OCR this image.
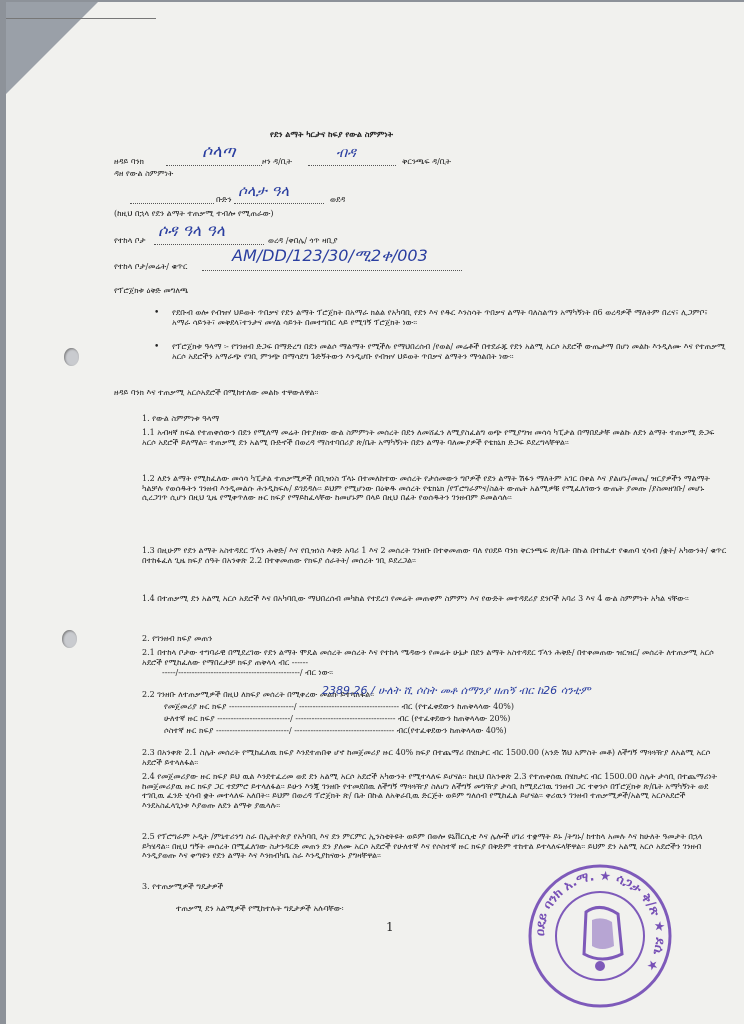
የደን ልማት ካርታና ከፍያ የውል ስምምነት
ዘዳይ ባንክ	ሶላጣ	ዞን ዳ/ቢት
ብዳ
ቅርንጫፍ ዳ/ቢት
ዳዘ የውል ስምምነት
ቡድን ሶላታ ዓላ	ወደዳ
(ከዚህ በኋላ የደን ልማት ተጠቃሚ ተብሎ የሚጠራው)
የተከላ ቦታ
ሶዳ ዓላ ዓላ
ወረዳ /ቀበሌ/ ጎጥ ዛቢያ
የተከላ ቦታ/መሬት/ ቁጥር
AM/DD/123/30/ሚ2ቀ/003
የፕሮጀክቱ ዕቅድ መግለጫ
• የደቡብ ወሎ የብዝሃ ህይወት ጥበቃና የደን ልማት ፕሮጀክት በአማራ ክልል የአካባቢ የደን እና የዱር እንስሳት ጥበቃና ልማት ባለስልጣን አማካኝነት በ6 ወረዳዎች ማለትም በረና፣ ሊጋምቦ፣ አማራ ሳይንት፣ መቅደላ፣ተንታና መሃል ሳይንት በመተግበር ላይ የሚገኝ ፕሮጀክት ነው፡፡
• የፕሮጀክቱ ዓላማ ፡- የገንዘብ ድጋፍ በማድረግ በደን መልሶ ማልማት የሚችሉ የማህበረሰብ /የወል/ መሬቶች በተደራጁ የደን አልሚ አርሶ አደሮች ውጤታማ በሆነ መልኩ እንዲለሙ እና የተጠቃሚ አርሶ አደሮችን አማራጭ የገቢ ምንጭ በማሳደግ ጉድኝትውን እንዲሆቡ የብዝሃ ህይወት ጥበቃና ልማትን ማጎልበት ነው፡፡
ዘዳይ ባንክ እና ተጠቃሚ አርሶአደሮች በሚከተለው መልኩ ተዋውለዋል፡፡
1. የውል ስምምነቱ ዓላማ
1.1 አብዛኛ ክፍል የተጠቀሰውን በደን የሚለማ መሬት በተያዘው ውል ስምምነት መሰረት በደን ለመሸፈን ለሚያስፈልግ ወጭ የሚያግዝ መሳሳ ካፒታል በማበደታቸ መልኩ ለደን ልማት ተጠቃሚ ድጋፍ አርሶ አደሮች ይለማል፡፡ ተጠቃሚ ደን አልሚ ቡድኖች በወረዳ ማስተባበሪያ ጽ/ቤት አማካኝነት በደን ልማት ባለሙያዎች የቴክኒክ ድጋፍ ይደረግላቸዋል፡፡
1.2 ለደን ልማት የሚከፈለው መሳሳ ካፒታል ተጠቃሚዎች በቢዝነስ ፕላኑ በተመለከተው መሰረት የታሰመውን ግቦዎች የደን ልማት ሽፋን ማለትም አገር በቀል እና ያልሆኑ/መጤ/ ዝርያዎችን ማልማት ካልቻሉ የወሰዱትን ገንዘብ እንዲመልሱ ሕንዲከፍሉ/ ይገደዳሉ፡፡ ይህም የሚሆነው በዕቅዱ መሰረት የቴክኒክ /የፕሮግራምና/ስልት ውጤት አልሚዎቹ የሚፈለገውን ውጤት ያመጡ /ያስመዘገቡ/ መሆኑ ሲረጋገጥ ሲሆን በዚህ ጊዜ የሚቀጥለው ዙር ክፍያ የማይከፈላቸው ከመሆኑም በላይ በዚህ በፊት የወሰዱትን ገንዘብም ይመልሳሉ፡፡
1.3 በዚሁም የደን ልማት አስተዳደር ፕላን ሕቅድ/ እና የቢዝነስ እቅድ አባሪ 1 እና 2 መሰረት ገንዘቡ በተቀመጠው ባለ የዐደይ ባንክ ቅርንጫፍ ጽ/ቤት በኩል በተከፈተ የቁጠባ ሂሳብ /ቋት/ አካውንት/ ቁጥር በተከፋፈለ ጊዜ ክፍያ ሰዓት በአንቀጽ 2.2 በተቀመጠው የክፍያ ሰራትት/ መሰረት ገቢ ይደረጋል፡፡
1.4 በተጠቃሚ ደን አልሚ አርሶ አደሮች እና በአካባቢው ማህበረሰብ መካከል የተደረገ የመሬት መጠቀም ስምምነ እና የውድት መተዳደሪያ ደንቦች አባሪ 3 እና 4 ውል ስምምነት አካል ናቸው፡፡
2. የገንዘብ ክፍያ መጠን
2.1 በተከላ ቦታው ተግባራዊ በሚደረገው የደን ልማት ሞዴል መሰረት መሰረት እና የተከላ ሜዳውን የመሬት ሁኔታ በደን ልማት አስተዳደር ፕላን ሕቅድ/ በተቀመጠው ዝርዝር/ መሰረት ለተጠቃሚ አርሶ አደሮች የሚከፈለው የማበረታቻ ክፍያ ጠቅላላ ብር ------
-----/---------------------------------------------/ ብር ነው፡፡
2.2 ገንዘቡ ለተጠቃሚዎች በዚህ ለክፍያ መሰረት በሚቀረው መልኩ ይተላለፋል፡፡
2389.26 / ሁለት ሺ ሶስት መቶ ሰማንያ ዘጠኝ ብር ከ26 ሳንቲም
የመጀመሪያ ዙር ክፍያ ------------------------/ ------------------------------------- ብር (የተፈቀደውን ከጠቅላላው 40%)
ሁለተኛ ዙር ክፍያ ---------------------------/ ------------------------------------- ብር (የተፈቀደውን ከጠቅላላው 20%)
ሶስተኛ ዙር ክፍያ ---------------------------/ ------------------------------------- ብር(የተፈቀደውን ከጠቅላላው 40%)
2.3 በአንቀጽ 2.1 ስሌት መሰረት የሚከፈለዉ ክፍያ እንደተጠበቀ ሆኖ ከመጀመሪያ ዙር 40% ክፍያ በተጨማሪ በሄክታር ብር 1500.00 (አንድ ሽህ አምስት መቶ) ለችግኝ ማጓጓዥያ ለአልሚ አርሶ አደሮች ይተላለፋል፡፡
2.4 የመጀመሪያው ዙር ክፍያ ይህ ዉል እንደተፈረመ ወደ ደን አልሚ አርሶ አደሮች አካውንት የሚተላለፍ ይሆናል፡፡ ከዚህ በአንቀጽ 2.3 የተጠቀሰዉ በሄክታር ብር 1500.00 ስሌት ታሳቢ በተጨማሪነት ከመጀመሪያዉ ዙር ክፍያ ጋር ተደምሮ ይተላለፋል፡፡ ይሁን እንጂ ገንዘቡ የተመደበዉ ለችግኝ ማጓጓዥያ ስለሆነ ለችግኝ መግዥያ ታሳቢ ከሚደረገዉ ገንዘብ ጋር ተቀንሶ በፕሮጀክቱ ጽ/ቤት አማካኝነት ወደ ተገቢዉ ፈንድ ሂሳብ ቋት መተላለፍ አለበት፡፡ ይህም በወረዳ ፕሮጀክት ጽ/ ቤት በኩል ለአቅራቢዉ ድርጅት ወይም ግለሰብ የሚከፈል ይሆናል፡፡ ቀሪዉን ገንዘብ ተጠቃሚዎች/አልሚ አርሶአደሮች እንደአስፈላጊነቱ እያወጡ ለደን ልማቱ ያዉላሉ፡፡
2.5 የፕሮግራም ኦዲት /ምኒተሪንግ ስራ በኢትዮጵያ የአካባቢ እና ደን ምርምር ኢንስቲትዩት ወይም በወሎ ዩኒቨርሲቲ እና ሌሎች ሀገሪ ተቋማት ይኑ /ትግኑ/ ከተከላ አመሉ እና ከሁለት ዓመታት በኋላ ይካሄዳል፡፡ በዚህ ግኝት መሰረት በሚፈለገው ስታንዳርድ መጠን ደን ያለሙ አርሶ አደሮች የሁለተኛ እና የሶስተኛ ዙር ክፍያ በቅድም ተከተል ይተላለፍላቸዋል፡፡ ይህም ደን አልሚ አርሶ አደሮችን ገንዘብ እንዲያወጡ እና ቀጣዩን የደን ልማት እና እንክብካቤ ስራ እንዲያከናውኑ ያግዛቸዋል፡፡
3. የተጠቃሚዎች ግዴታዎች
ተጠቃሚ ደን አልሚዎች የሚከተሉት ግዴታዎች አሉባቸው፡
1	ዐደይ ባንክ አ.ማ. ★ ሳጋታ ቅ/ጽ ★ ደሴ ★
